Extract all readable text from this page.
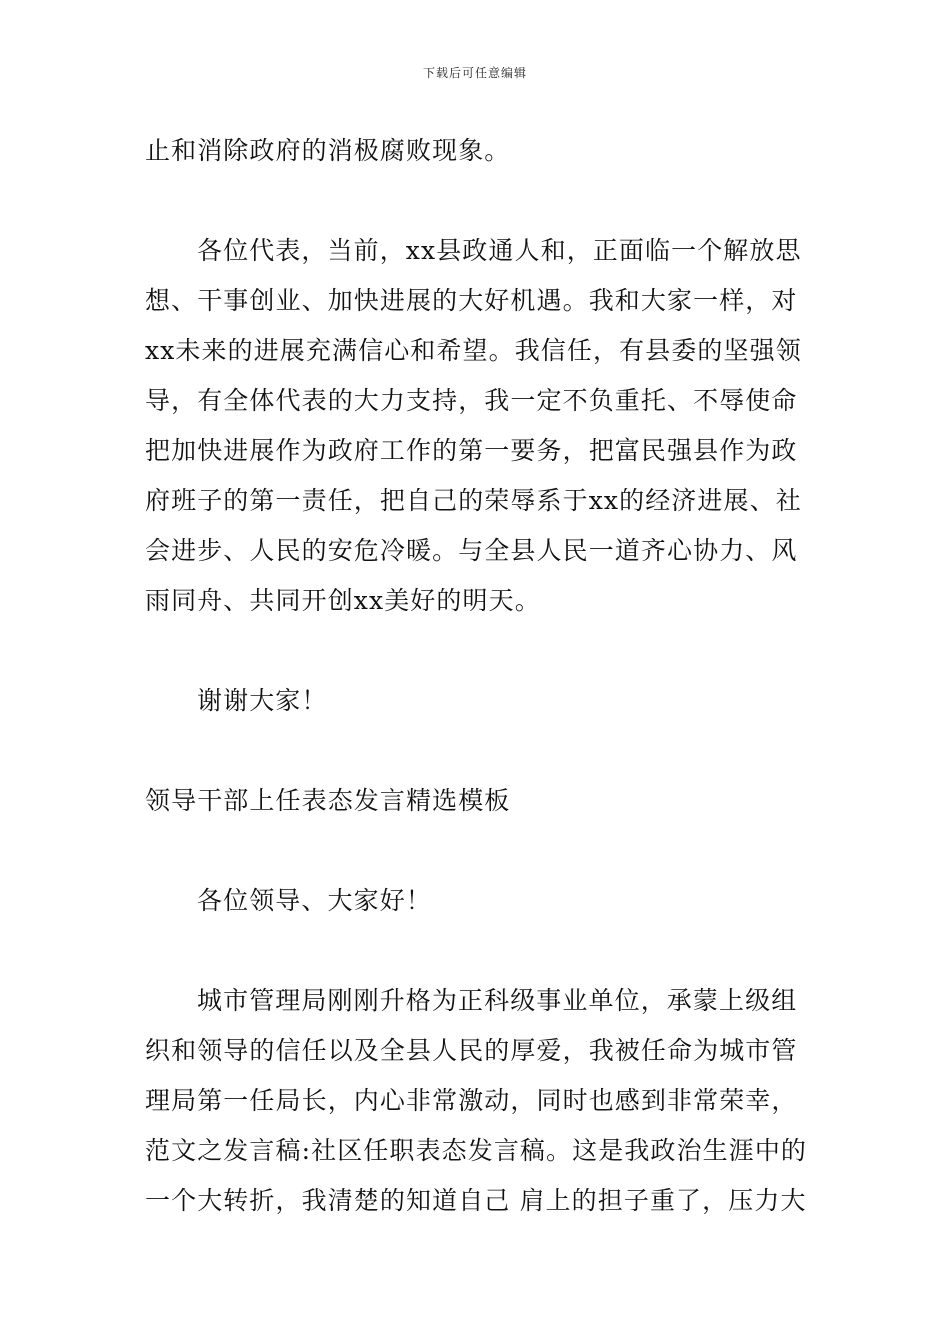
下载后可任意编辑

止和消除政府的消极腐败现象。

各位代表，当前，xx县政通人和，正面临一个解放思想、干事创业、加快进展的大好机遇。我和大家一样，对xx未来的进展充满信心和希望。我信任，有县委的坚强领导，有全体代表的大力支持，我一定不负重托、不辱使命把加快进展作为政府工作的第一要务，把富民强县作为政府班子的第一责任，把自己的荣辱系于xx的经济进展、社会进步、人民的安危冷暖。与全县人民一道齐心协力、风雨同舟、共同开创xx美好的明天。

谢谢大家！

领导干部上任表态发言精选模板

各位领导、大家好！

城市管理局刚刚升格为正科级事业单位，承蒙上级组织和领导的信任以及全县人民的厚爱，我被任命为城市管理局第一任局长，内心非常激动，同时也感到非常荣幸，范文之发言稿:社区任职表态发言稿。这是我政治生涯中的一个大转折，我清楚的知道自己 肩上的担子重了，压力大
